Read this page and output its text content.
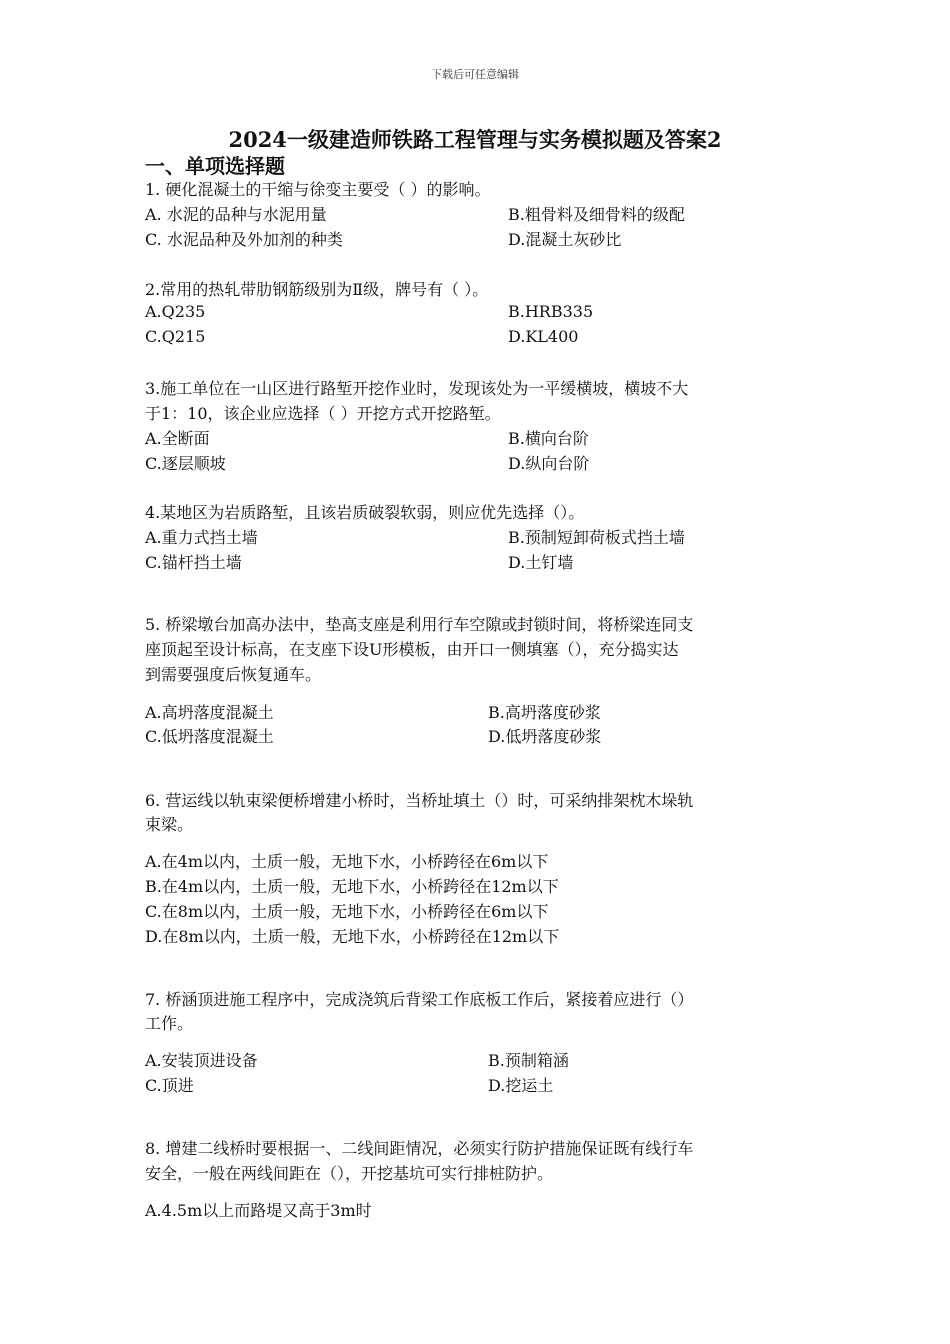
下载后可任意编辑
2024一级建造师铁路工程管理与实务模拟题及答案2
一、单项选择题
1. 硬化混凝土的干缩与徐变主要受（ ）的影响。
A. 水泥的品种与水泥用量	B.粗骨料及细骨料的级配
C. 水泥品种及外加剂的种类	D.混凝土灰砂比
2.常用的热轧带肋钢筋级别为Ⅱ级，牌号有（ ）。
A.Q235	B.HRB335
C.Q215	D.KL400
3.施工单位在一山区进行路堑开挖作业时，发现该处为一平缓横坡，横坡不大
于1：10，该企业应选择（ ）开挖方式开挖路堑。
A.全断面	B.横向台阶
C.逐层顺坡	D.纵向台阶
4.某地区为岩质路堑，且该岩质破裂软弱，则应优先选择（）。
A.重力式挡土墙	B.预制短卸荷板式挡土墙
C.锚杆挡土墙	D.土钉墙
5. 桥梁墩台加高办法中，垫高支座是利用行车空隙或封锁时间，将桥梁连同支
座顶起至设计标高，在支座下设U形模板，由开口一侧填塞（），充分捣实达
到需要强度后恢复通车。
A.高坍落度混凝土	B.高坍落度砂浆
C.低坍落度混凝土	D.低坍落度砂浆
6. 营运线以轨束梁便桥增建小桥时，当桥址填土（）时，可采纳排架枕木垛轨
束梁。
A.在4m以内，土质一般，无地下水，小桥跨径在6m以下
B.在4m以内，土质一般，无地下水，小桥跨径在12m以下
C.在8m以内，土质一般，无地下水，小桥跨径在6m以下
D.在8m以内，土质一般，无地下水，小桥跨径在12m以下
7. 桥涵顶进施工程序中，完成浇筑后背梁工作底板工作后，紧接着应进行（）
工作。
A.安装顶进设备	B.预制箱涵
C.顶进	D.挖运土
8. 增建二线桥时要根据一、二线间距情况，必须实行防护措施保证既有线行车
安全，一般在两线间距在（），开挖基坑可实行排桩防护。
A.4.5m以上而路堤又高于3m时
